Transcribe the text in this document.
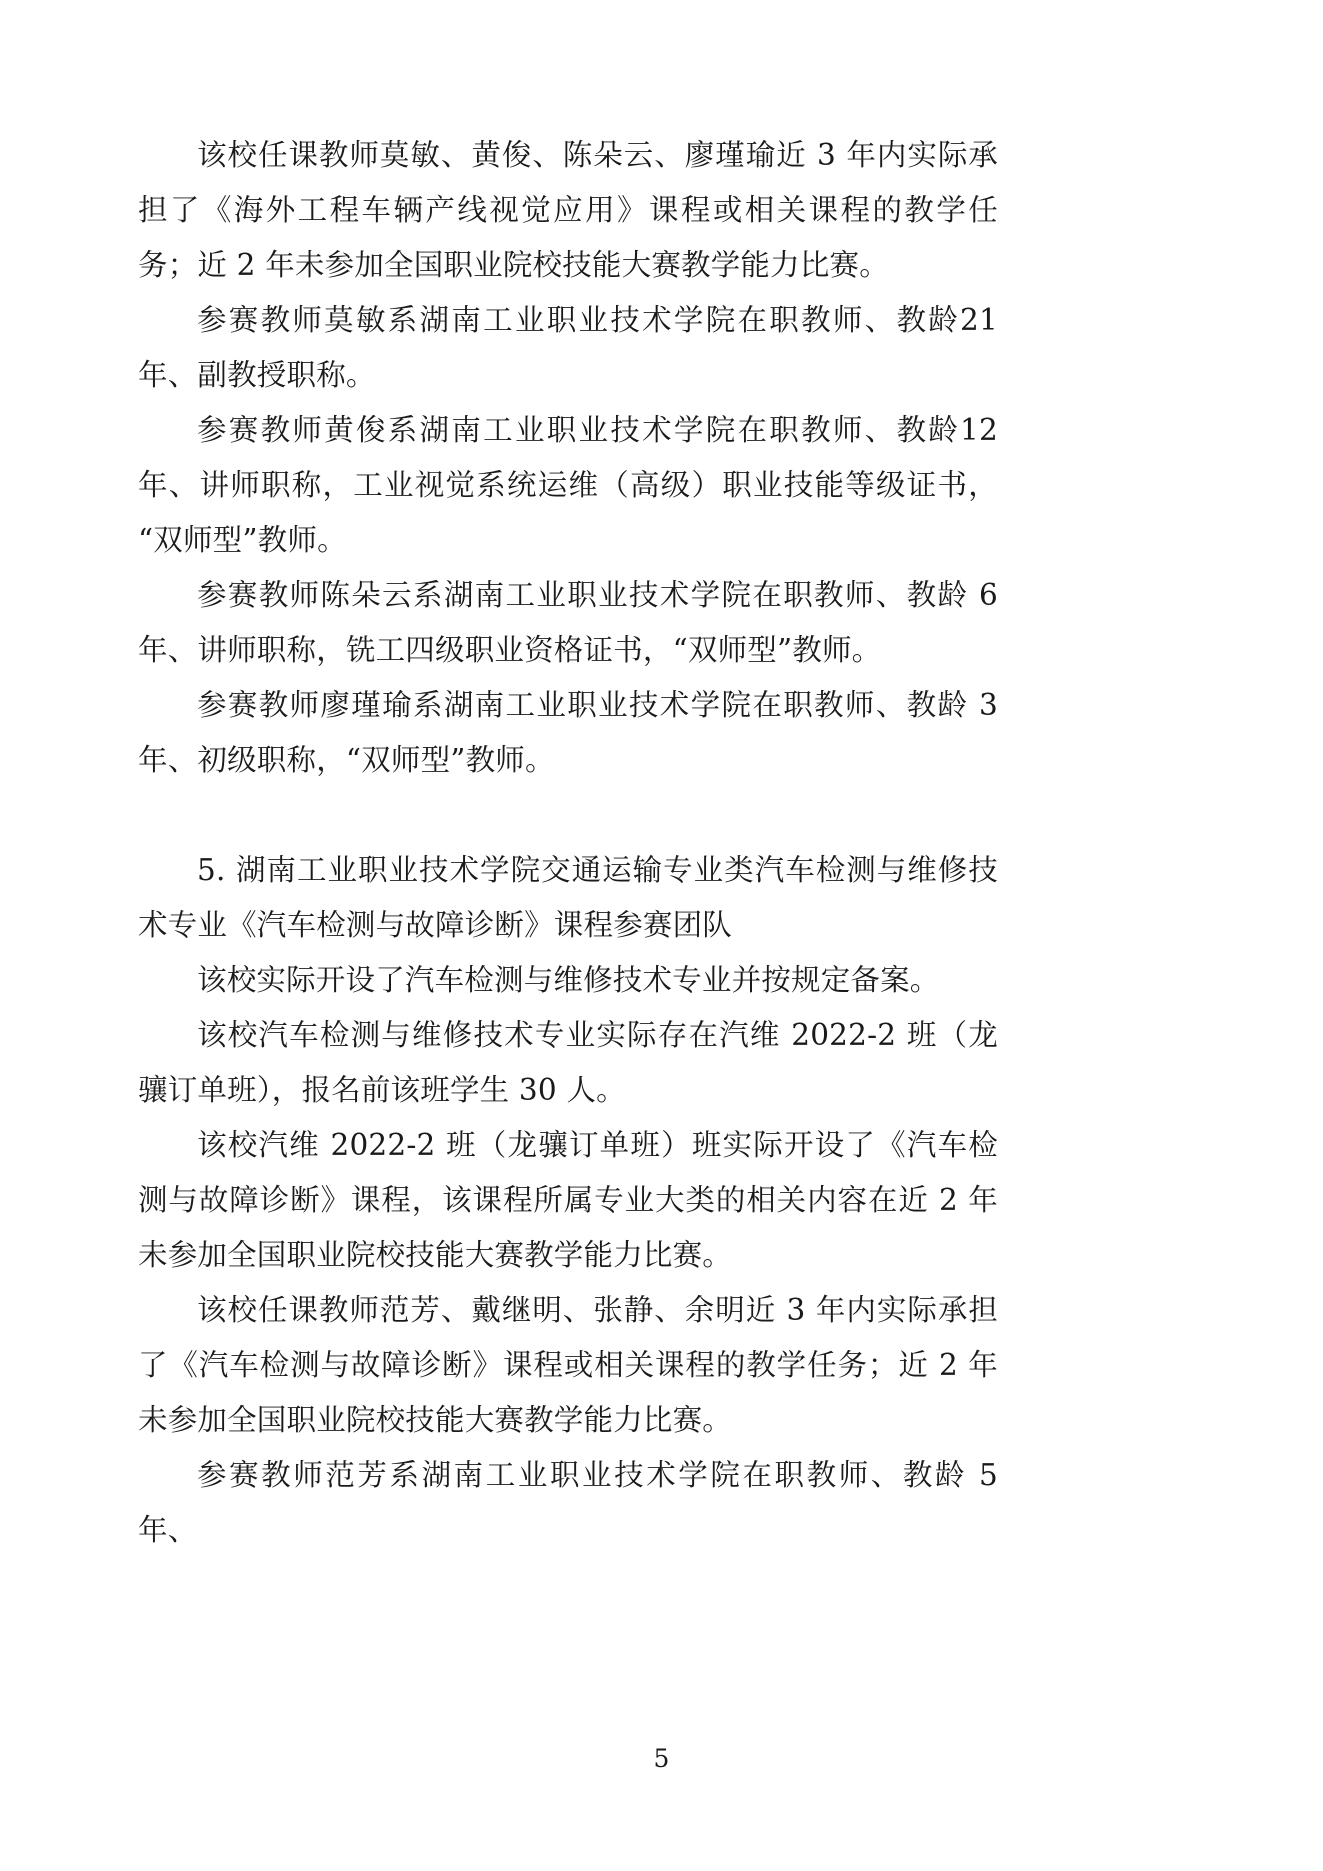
该校任课教师莫敏、黄俊、陈朵云、廖瑾瑜近 3 年内实际承担了《海外工程车辆产线视觉应用》课程或相关课程的教学任务；近 2 年未参加全国职业院校技能大赛教学能力比赛。

参赛教师莫敏系湖南工业职业技术学院在职教师、教龄21 年、副教授职称。

参赛教师黄俊系湖南工业职业技术学院在职教师、教龄12 年、讲师职称，工业视觉系统运维（高级）职业技能等级证书，“双师型”教师。

参赛教师陈朵云系湖南工业职业技术学院在职教师、教龄 6 年、讲师职称，铣工四级职业资格证书，“双师型”教师。

参赛教师廖瑾瑜系湖南工业职业技术学院在职教师、教龄 3 年、初级职称，“双师型”教师。

5. 湖南工业职业技术学院交通运输专业类汽车检测与维修技术专业《汽车检测与故障诊断》课程参赛团队

该校实际开设了汽车检测与维修技术专业并按规定备案。

该校汽车检测与维修技术专业实际存在汽维 2022-2 班（龙骧订单班），报名前该班学生 30 人。

该校汽维 2022-2 班（龙骧订单班）班实际开设了《汽车检测与故障诊断》课程，该课程所属专业大类的相关内容在近 2 年未参加全国职业院校技能大赛教学能力比赛。

该校任课教师范芳、戴继明、张静、余明近 3 年内实际承担了《汽车检测与故障诊断》课程或相关课程的教学任务；近 2 年未参加全国职业院校技能大赛教学能力比赛。

参赛教师范芳系湖南工业职业技术学院在职教师、教龄 5 年、

5
